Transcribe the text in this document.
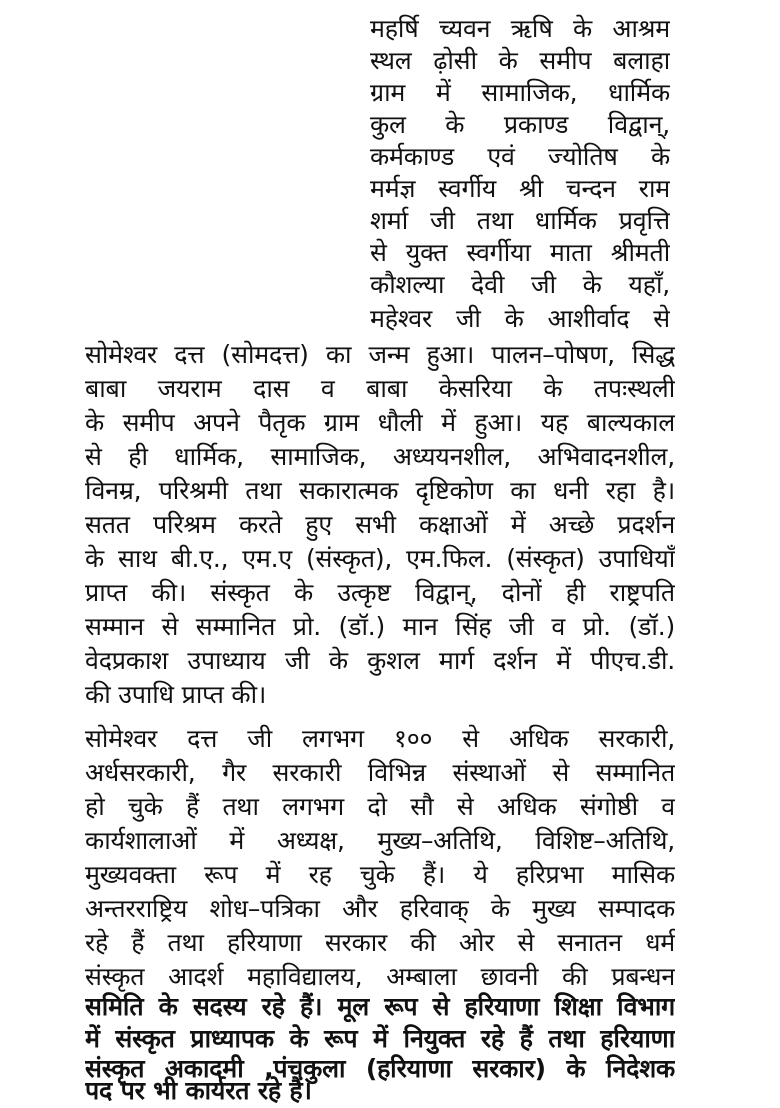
महर्षि च्यवन ऋषि के आश्रम
स्थल ढ़ोसी के समीप बलाहा
ग्राम में सामाजिक, धार्मिक
कुल के प्रकाण्ड विद्वान्,
कर्मकाण्ड एवं ज्योतिष के
मर्मज्ञ स्वर्गीय श्री चन्दन राम
शर्मा जी तथा धार्मिक प्रवृत्ति
से युक्त स्वर्गीया माता श्रीमती
कौशल्या देवी जी के यहाँ,
महेश्वर जी के आशीर्वाद से
सोमेश्वर दत्त (सोमदत्त) का जन्म हुआ। पालन–पोषण, सिद्ध
बाबा जयराम दास व बाबा केसरिया के तपःस्थली
के समीप अपने पैतृक ग्राम धौली में हुआ। यह बाल्यकाल
से ही धार्मिक, सामाजिक, अध्ययनशील, अभिवादनशील,
विनम्र, परिश्रमी तथा सकारात्मक दृष्टिकोण का धनी रहा है।
सतत परिश्रम करते हुए सभी कक्षाओं में अच्छे प्रदर्शन
के साथ बी.ए., एम.ए (संस्कृत), एम.फिल. (संस्कृत) उपाधियाँ
प्राप्त की। संस्कृत के उत्कृष्ट विद्वान्, दोनों ही राष्ट्रपति
सम्मान से सम्मानित प्रो. (डॉ.) मान सिंह जी व प्रो. (डॉ.)
वेदप्रकाश उपाध्याय जी के कुशल मार्ग दर्शन में पीएच.डी.
की उपाधि प्राप्त की।
सोमेश्वर दत्त जी लगभग १०० से अधिक सरकारी,
अर्धसरकारी, गैर सरकारी विभिन्न संस्थाओं से सम्मानित
हो चुके हैं तथा लगभग दो सौ से अधिक संगोष्ठी व
कार्यशालाओं में अध्यक्ष, मुख्य–अतिथि, विशिष्ट–अतिथि,
मुख्यवक्ता रूप में रह चुके हैं। ये हरिप्रभा मासिक
अन्तरराष्ट्रिय शोध–पत्रिका और हरिवाक् के मुख्य सम्पादक
रहे हैं तथा हरियाणा सरकार की ओर से सनातन धर्म
संस्कृत आदर्श महाविद्यालय, अम्बाला छावनी की प्रबन्धन
समिति के सदस्य रहे हैं। मूल रूप से हरियाणा शिक्षा विभाग
में संस्कृत प्राध्यापक के रूप में नियुक्त रहे हैं तथा हरियाणा
संस्कृत अकादमी ,पंचकुला (हरियाणा सरकार) के निदेशक
पद पर भी कार्यरत रहे हैं।
